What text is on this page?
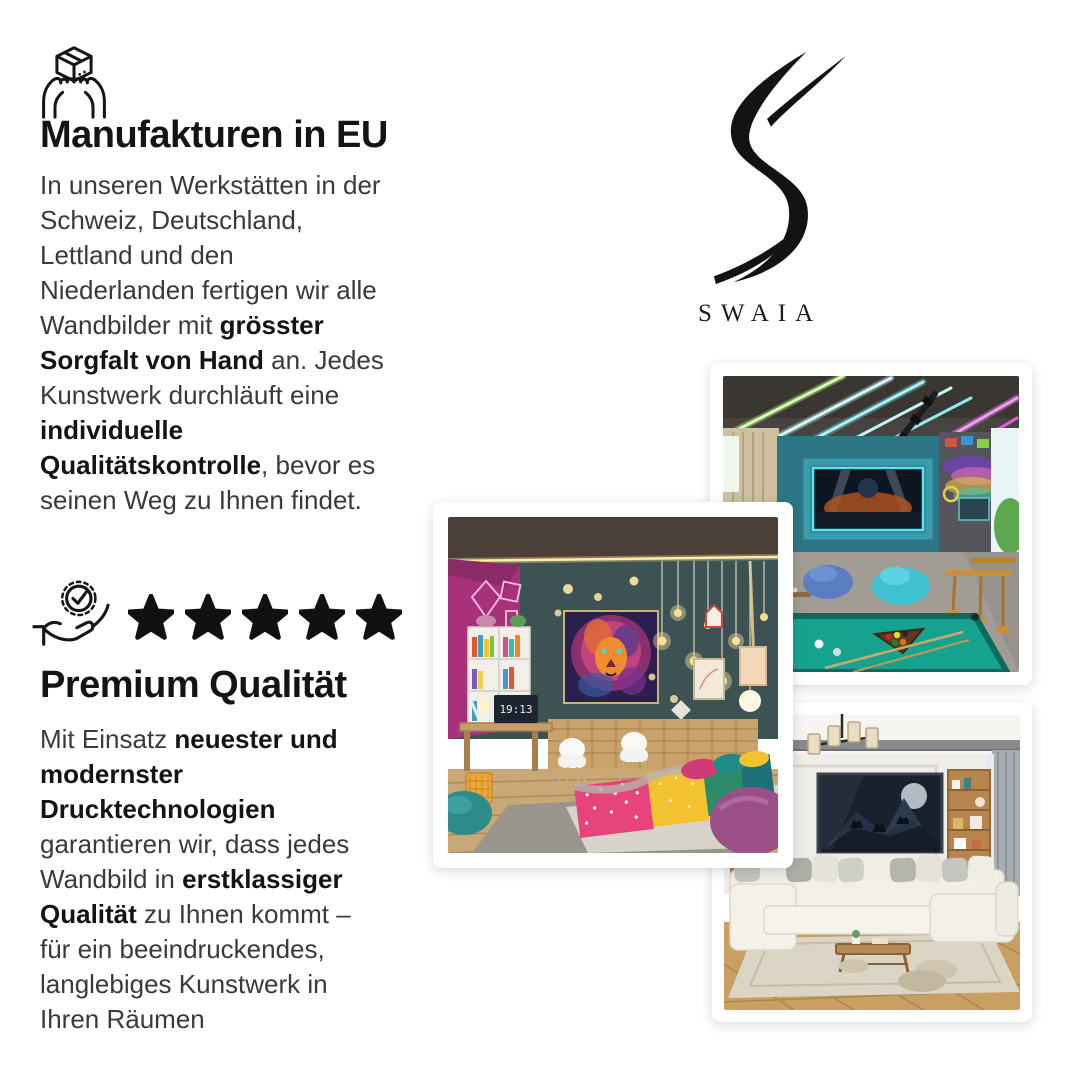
Manufakturen in EU
In unseren Werkstätten in der
Schweiz, Deutschland,
Lettland und den
Niederlanden fertigen wir alle
Wandbilder mit grösster
Sorgfalt von Hand an. Jedes
Kunstwerk durchläuft eine
individuelle
Qualitätskontrolle, bevor es
seinen Weg zu Ihnen findet.
Premium Qualität
Mit Einsatz neuester und
modernster
Drucktechnologien
garantieren wir, dass jedes
Wandbild in erstklassiger
Qualität zu Ihnen kommt –
für ein beeindruckendes,
langlebiges Kunstwerk in
Ihren Räumen
SWAIA
19:13
